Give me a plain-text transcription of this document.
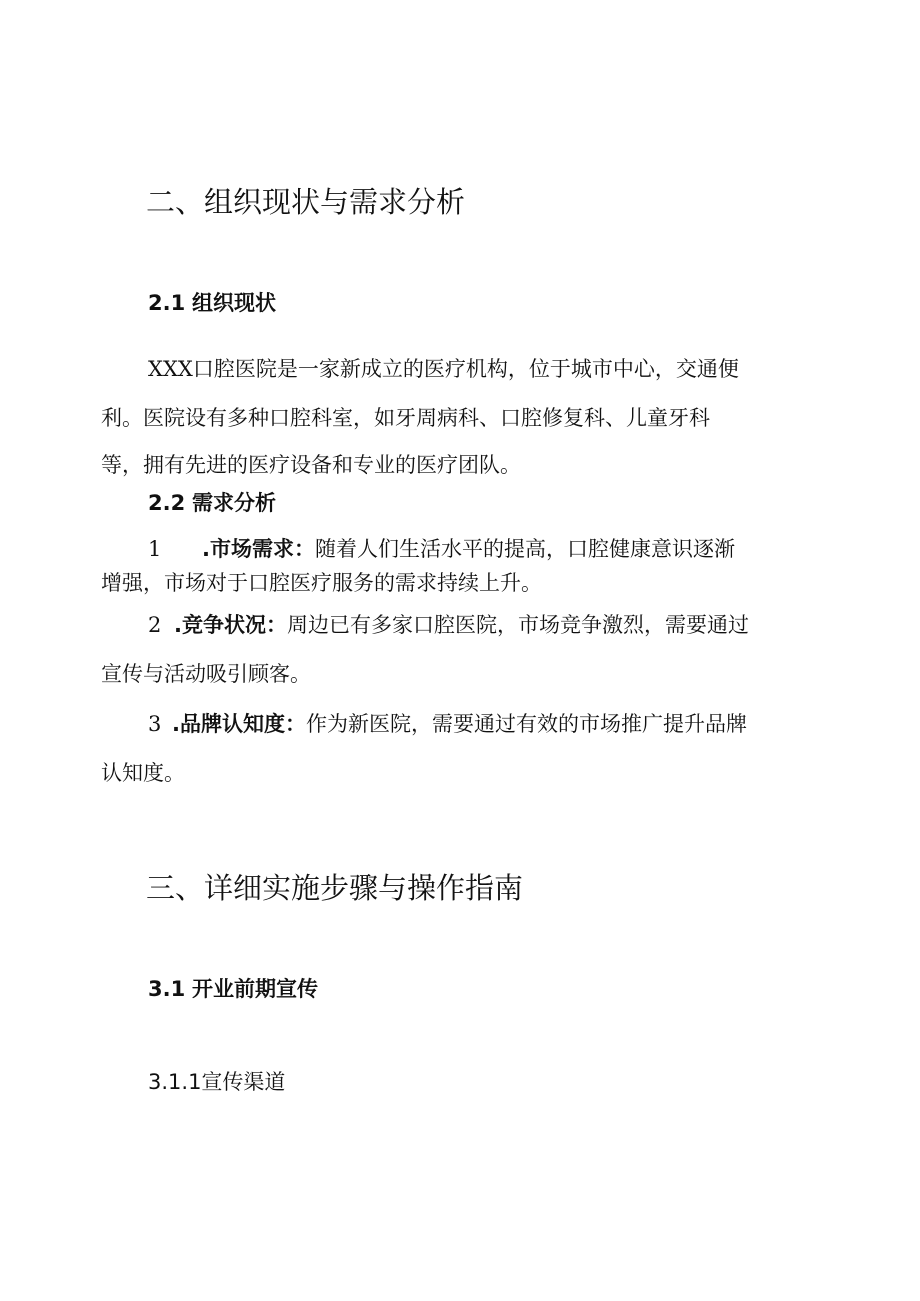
二、组织现状与需求分析
2.1 组织现状
XXX口腔医院是一家新成立的医疗机构，位于城市中心，交通便
利。医院设有多种口腔科室，如牙周病科、口腔修复科、儿童牙科
等，拥有先进的医疗设备和专业的医疗团队。
2.2 需求分析
1 .市场需求：随着人们生活水平的提高，口腔健康意识逐渐
增强，市场对于口腔医疗服务的需求持续上升。
2 .竞争状况：周边已有多家口腔医院，市场竞争激烈，需要通过
宣传与活动吸引顾客。
3 .品牌认知度：作为新医院，需要通过有效的市场推广提升品牌
认知度。
三、详细实施步骤与操作指南
3.1 开业前期宣传
3.1.1宣传渠道
